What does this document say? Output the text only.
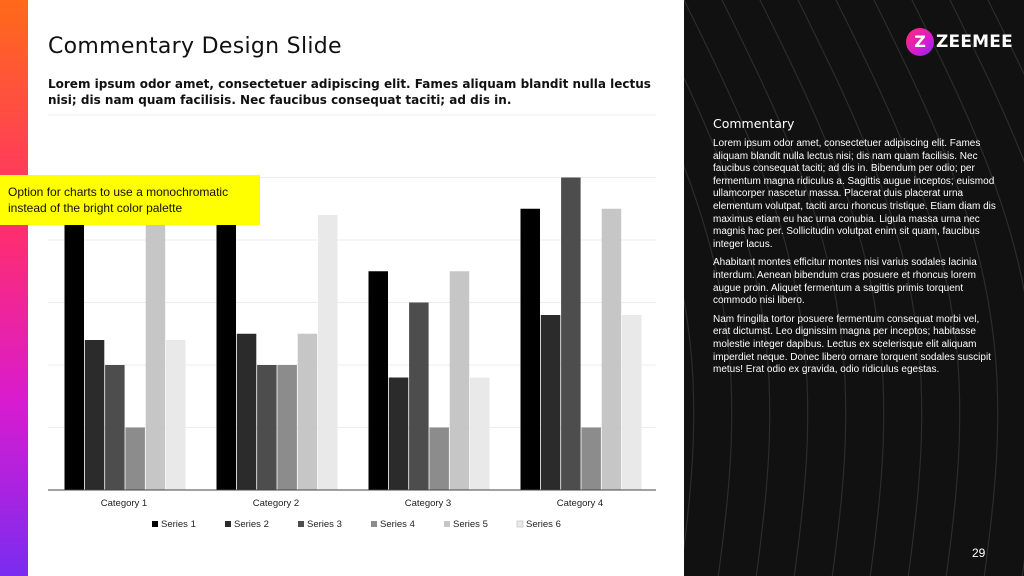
Commentary Design Slide
Lorem ipsum odor amet, consectetuer adipiscing elit. Fames aliquam blandit nulla lectus nisi; dis nam quam facilisis. Nec faucibus consequat taciti; ad dis in.
Category 1	Category 2	Category 3	Category 4
Series 1	Series 2	Series 3	Series 4	Series 5	Series 6
Option for charts to use a monochromatic instead of the bright color palette
Z ZEEMEE
Commentary

Lorem ipsum odor amet, consectetuer adipiscing elit. Fames aliquam blandit nulla lectus nisi; dis nam quam facilisis. Nec faucibus consequat taciti; ad dis in. Bibendum per odio; per fermentum magna ridiculus a. Sagittis augue inceptos; euismod ullamcorper nascetur massa. Placerat duis placerat urna elementum volutpat, taciti arcu rhoncus tristique. Etiam diam dis maximus etiam eu hac urna conubia. Ligula massa urna nec magnis hac per. Sollicitudin volutpat enim sit quam, faucibus integer lacus.

Ahabitant montes efficitur montes nisi varius sodales lacinia interdum. Aenean bibendum cras posuere et rhoncus lorem augue proin. Aliquet fermentum a sagittis primis torquent commodo nisi libero.

Nam fringilla tortor posuere fermentum consequat morbi vel, erat dictumst. Leo dignissim magna per inceptos; habitasse molestie integer dapibus. Lectus ex scelerisque elit aliquam imperdiet neque. Donec libero ornare torquent sodales suscipit metus! Erat odio ex gravida, odio ridiculus egestas.

29
